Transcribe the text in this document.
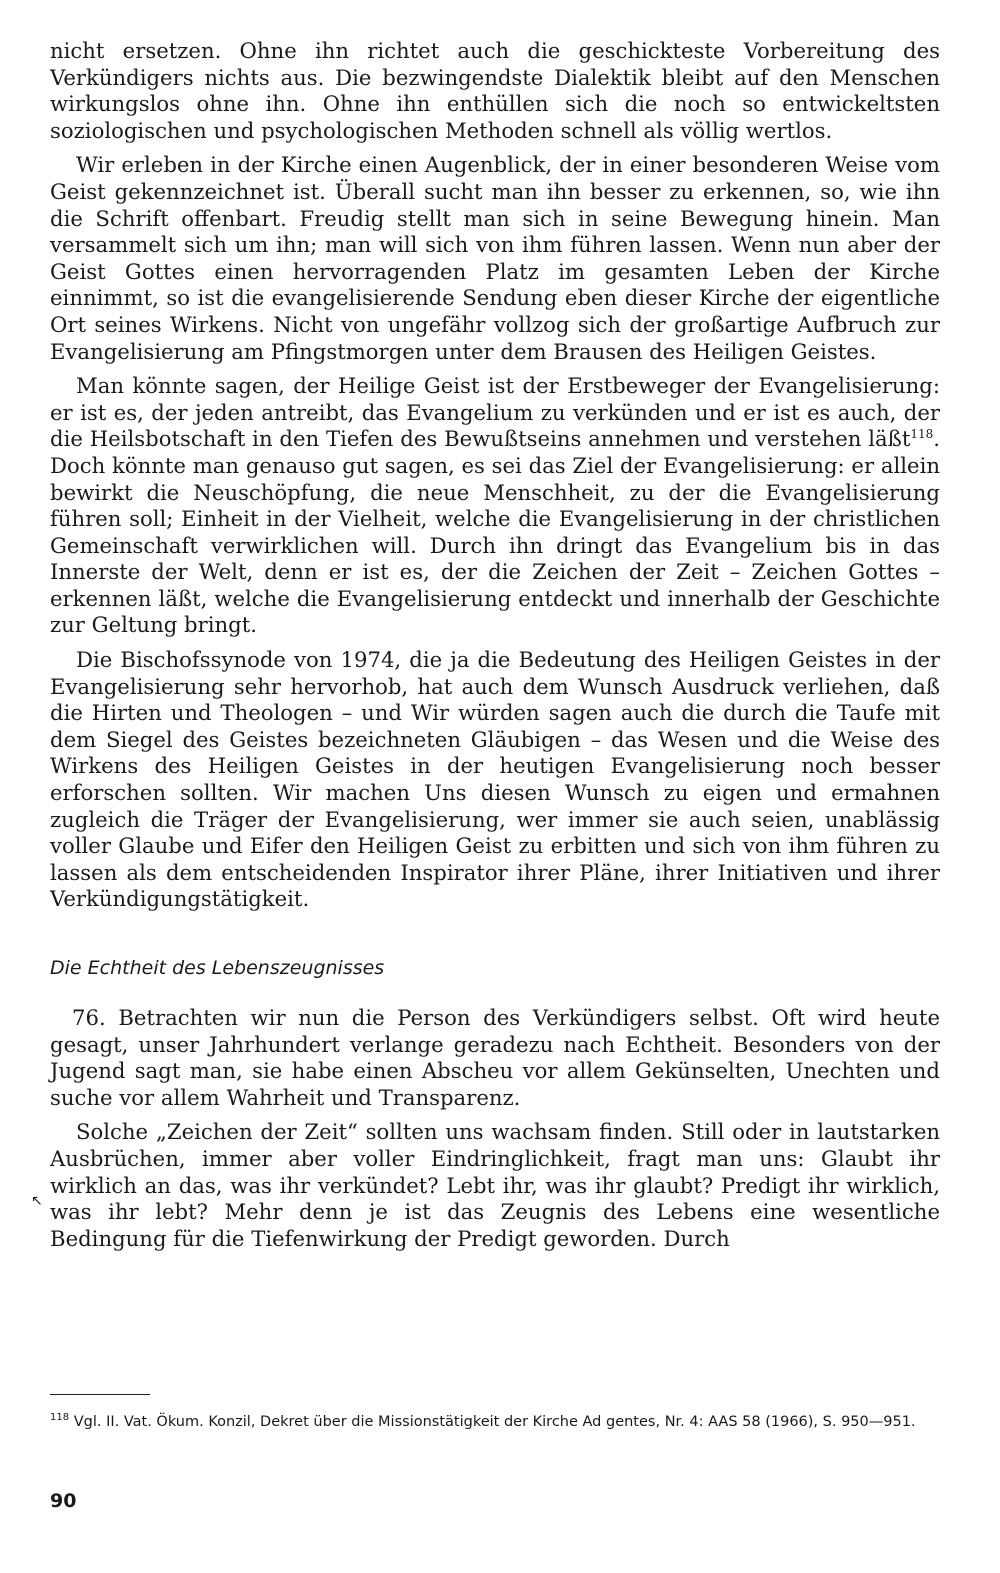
nicht ersetzen. Ohne ihn richtet auch die geschickteste Vorbereitung des Verkündigers nichts aus. Die bezwingendste Dialektik bleibt auf den Menschen wirkungslos ohne ihn. Ohne ihn enthüllen sich die noch so entwickeltsten soziologischen und psychologischen Methoden schnell als völlig wertlos.

Wir erleben in der Kirche einen Augenblick, der in einer besonderen Weise vom Geist gekennzeichnet ist. Überall sucht man ihn besser zu erkennen, so, wie ihn die Schrift offenbart. Freudig stellt man sich in seine Bewegung hinein. Man versammelt sich um ihn; man will sich von ihm führen lassen. Wenn nun aber der Geist Gottes einen hervorragenden Platz im gesamten Leben der Kirche einnimmt, so ist die evangelisierende Sendung eben dieser Kirche der eigentliche Ort seines Wirkens. Nicht von ungefähr vollzog sich der großartige Aufbruch zur Evangelisierung am Pfingstmorgen unter dem Brausen des Heiligen Geistes.

Man könnte sagen, der Heilige Geist ist der Erstbeweger der Evangelisierung: er ist es, der jeden antreibt, das Evangelium zu verkünden und er ist es auch, der die Heilsbotschaft in den Tiefen des Bewußtseins annehmen und verstehen läßt$^{118}$. Doch könnte man genauso gut sagen, es sei das Ziel der Evangelisierung: er allein bewirkt die Neuschöpfung, die neue Menschheit, zu der die Evangelisierung führen soll; Einheit in der Vielheit, welche die Evangelisierung in der christlichen Gemeinschaft verwirklichen will. Durch ihn dringt das Evangelium bis in das Innerste der Welt, denn er ist es, der die Zeichen der Zeit – Zeichen Gottes – erkennen läßt, welche die Evangelisierung entdeckt und innerhalb der Geschichte zur Geltung bringt.

Die Bischofssynode von 1974, die ja die Bedeutung des Heiligen Geistes in der Evangelisierung sehr hervorhob, hat auch dem Wunsch Ausdruck verliehen, daß die Hirten und Theologen – und Wir würden sagen auch die durch die Taufe mit dem Siegel des Geistes bezeichneten Gläubigen – das Wesen und die Weise des Wirkens des Heiligen Geistes in der heutigen Evangelisierung noch besser erforschen sollten. Wir machen Uns diesen Wunsch zu eigen und ermahnen zugleich die Träger der Evangelisierung, wer immer sie auch seien, unablässig voller Glaube und Eifer den Heiligen Geist zu erbitten und sich von ihm führen zu lassen als dem entscheidenden Inspirator ihrer Pläne, ihrer Initiativen und ihrer Verkündigungstätigkeit.

Die Echtheit des Lebenszeugnisses

76. Betrachten wir nun die Person des Verkündigers selbst. Oft wird heute gesagt, unser Jahrhundert verlange geradezu nach Echtheit. Besonders von der Jugend sagt man, sie habe einen Abscheu vor allem Gekünselten, Unechten und suche vor allem Wahrheit und Transparenz.

Solche „Zeichen der Zeit“ sollten uns wachsam finden. Still oder in lautstarken Ausbrüchen, immer aber voller Eindringlichkeit, fragt man uns: Glaubt ihr wirklich an das, was ihr verkündet? Lebt ihr, was ihr glaubt? Predigt ihr wirklich, was ihr lebt? Mehr denn je ist das Zeugnis des Lebens eine wesentliche Bedingung für die Tiefenwirkung der Predigt geworden. Durch

↖
$^{118}$ Vgl. II. Vat. Ökum. Konzil, Dekret über die Missionstätigkeit der Kirche Ad gentes, Nr. 4: AAS 58 (1966), S. 950—951.
90
